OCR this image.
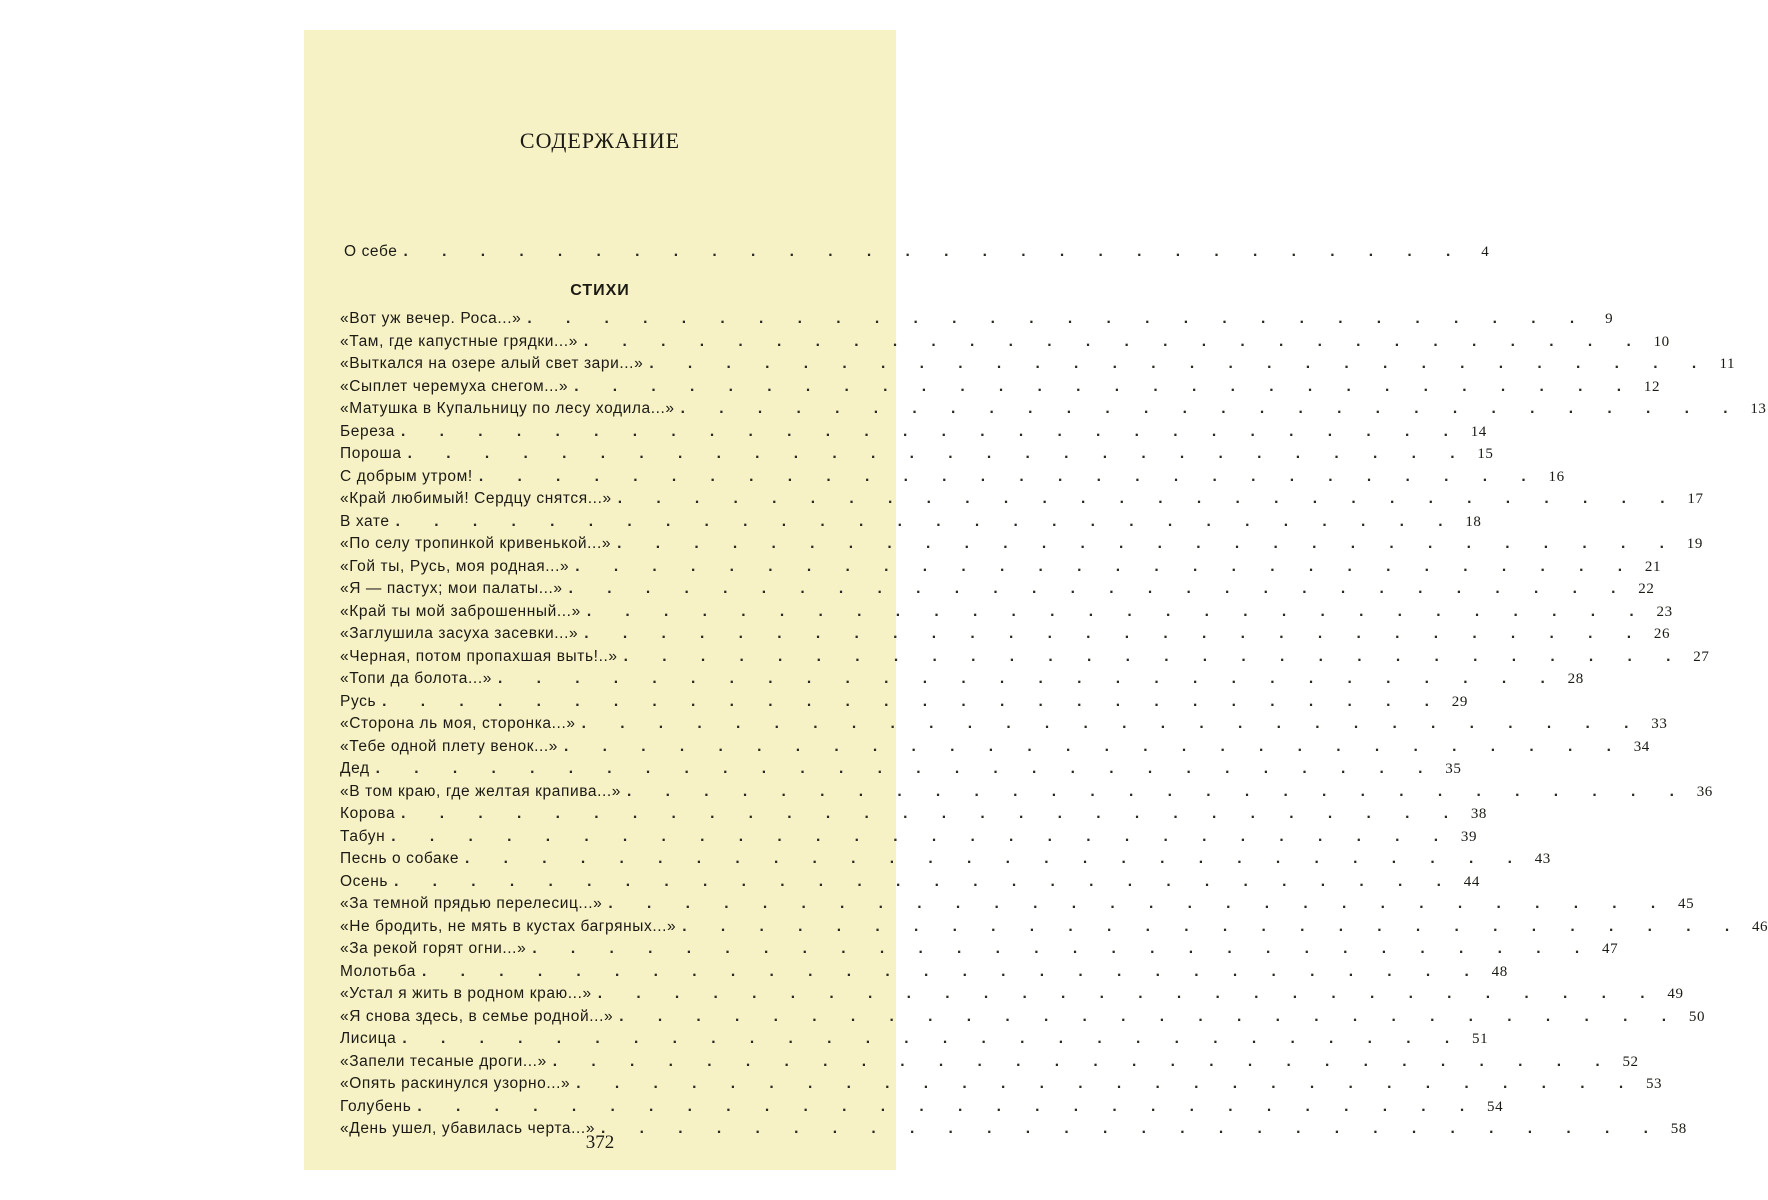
СОДЕРЖАНИЕ
О себе . . . . . . . . . . . . . . . . . . . . . . . . . . . .	4
СТИХИ
«Вот уж вечер. Роса...» . . . . . . . . . . . . . . . . . . . . . . . . . . . .	9
«Там, где капустные грядки...» . . . . . . . . . . . . . . . . . . . . . . . . . . . . 10
«Выткался на озере алый свет зари...» . . . . . . . . . . . . . . . . . . . . . . . . . . . . 11
«Сыплет черемуха снегом...» . . . . . . . . . . . . . . . . . . . . . . . . . . . . 12
«Матушка в Купальницу по лесу ходила...» . . . . . . . . . . . . . . . . . . . . . . . . . . . . 13
Береза . . . . . . . . . . . . . . . . . . . . . . . . . . . . 14
Пороша . . . . . . . . . . . . . . . . . . . . . . . . . . . . 15
С добрым утром! . . . . . . . . . . . . . . . . . . . . . . . . . . . . 16
«Край любимый! Сердцу снятся...» . . . . . . . . . . . . . . . . . . . . . . . . . . . . 17
В хате . . . . . . . . . . . . . . . . . . . . . . . . . . . . 18
«По селу тропинкой кривенькой...» . . . . . . . . . . . . . . . . . . . . . . . . . . . . 19
«Гой ты, Русь, моя родная...» . . . . . . . . . . . . . . . . . . . . . . . . . . . . 21
«Я — пастух; мои палаты...» . . . . . . . . . . . . . . . . . . . . . . . . . . . . 22
«Край ты мой заброшенный...» . . . . . . . . . . . . . . . . . . . . . . . . . . . . 23
«Заглушила засуха засевки...» . . . . . . . . . . . . . . . . . . . . . . . . . . . . 26
«Черная, потом пропахшая выть!..» . . . . . . . . . . . . . . . . . . . . . . . . . . . . 27
«Топи да болота...» . . . . . . . . . . . . . . . . . . . . . . . . . . . . 28
Русь . . . . . . . . . . . . . . . . . . . . . . . . . . . . 29
«Сторона ль моя, сторонка...» . . . . . . . . . . . . . . . . . . . . . . . . . . . . 33
«Тебе одной плету венок...» . . . . . . . . . . . . . . . . . . . . . . . . . . . . 34
Дед . . . . . . . . . . . . . . . . . . . . . . . . . . . . 35
«В том краю, где желтая крапива...» . . . . . . . . . . . . . . . . . . . . . . . . . . . . 36
Корова . . . . . . . . . . . . . . . . . . . . . . . . . . . . 38
Табун . . . . . . . . . . . . . . . . . . . . . . . . . . . . 39
Песнь о собаке . . . . . . . . . . . . . . . . . . . . . . . . . . . . 43
Осень . . . . . . . . . . . . . . . . . . . . . . . . . . . . 44
«За темной прядью перелесиц...» . . . . . . . . . . . . . . . . . . . . . . . . . . . . 45
«Не бродить, не мять в кустах багряных...» . . . . . . . . . . . . . . . . . . . . . . . . . . . . 46
«За рекой горят огни...» . . . . . . . . . . . . . . . . . . . . . . . . . . . . 47
Молотьба . . . . . . . . . . . . . . . . . . . . . . . . . . . . 48
«Устал я жить в родном краю...» . . . . . . . . . . . . . . . . . . . . . . . . . . . . 49
«Я снова здесь, в семье родной...» . . . . . . . . . . . . . . . . . . . . . . . . . . . . 50
Лисица . . . . . . . . . . . . . . . . . . . . . . . . . . . . 51
«Запели тесаные дроги...» . . . . . . . . . . . . . . . . . . . . . . . . . . . . 52
«Опять раскинулся узорно...» . . . . . . . . . . . . . . . . . . . . . . . . . . . . 53
Голубень . . . . . . . . . . . . . . . . . . . . . . . . . . . . 54
«День ушел, убавилась черта...» . . . . . . . . . . . . . . . . . . . . . . . . . . . . 58
372
